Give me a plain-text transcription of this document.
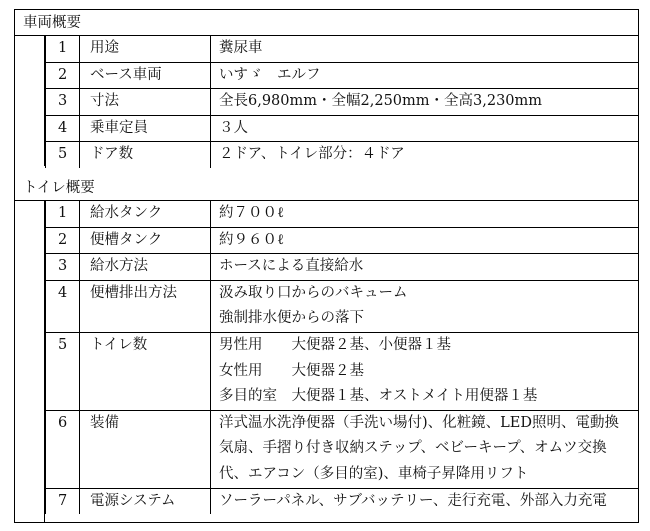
車両概要
1	用途	糞尿車

2	ベース車両	いすゞ　エルフ

3	寸法	全長6,980mm・全幅2,250mm・全高3,230mm

4	乗車定員	３人

5	ドア数	２ドア、トイレ部分：４ドア
トイレ概要
1	給水タンク	約７００ℓ

2	便槽タンク	約９６０ℓ

3	給水方法	ホースによる直接給水

4	便槽排出方法	汲み取り口からのバキューム
強制排水便からの落下

5	トイレ数	男性用　　大便器２基、小便器１基
女性用　　大便器２基
多目的室　大便器１基、オストメイト用便器１基

6	装備	洋式温水洗浄便器（手洗い場付)、化粧鏡、LED照明、電動換
気扇、手摺り付き収納ステップ、ベビーキープ、オムツ交換
代、エアコン（多目的室)、車椅子昇降用リフト

7	電源システム	ソーラーパネル、サブバッテリー、走行充電、外部入力充電
